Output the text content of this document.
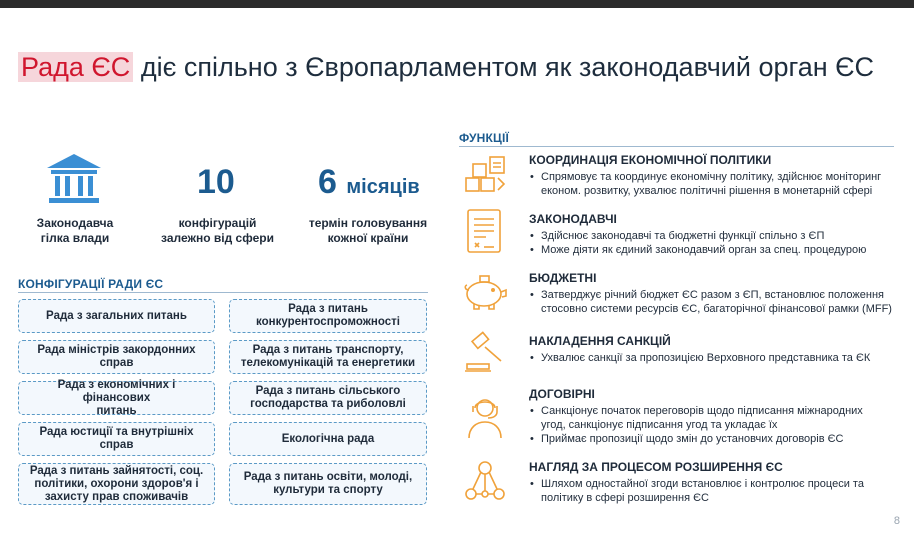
Рада ЄС діє спільно з Європарламентом як законодавчий орган ЄС
Законодавча
гілка влади
10
конфігурацій
залежно від сфери
6 місяців
термін головування
кожної країни
КОНФІГУРАЦІЇ РАДИ ЄС
Рада з загальних питань
Рада міністрів закордонних
справ
Рада з економічних і фінансових
питань
Рада юстиції та внутрішніх
справ
Рада з питань зайнятості, соц.
політики, охорони здоров'я і
захисту прав споживачів
Рада з питань
конкурентоспроможності
Рада з питань транспорту,
телекомунікацій та енергетики
Рада з питань сільського
господарства та риболовлі
Екологічна рада
Рада з питань освіти, молоді,
культури та спорту
ФУНКЦІЇ
КООРДИНАЦІЯ ЕКОНОМІЧНОЇ ПОЛІТИКИ
• Спрямовує та координує економічну політику, здійснює моніторинг
економ. розвитку, ухвалює політичні рішення в монетарній сфері
ЗАКОНОДАВЧІ
• Здійснює законодавчі та бюджетні функції спільно з ЄП
• Може діяти як єдиний законодавчий орган за спец. процедурою
БЮДЖЕТНІ
• Затверджує річний бюджет ЄС разом з ЄП, встановлює положення
стосовно системи ресурсів ЄС, багаторічної фінансової рамки (MFF)
НАКЛАДЕННЯ САНКЦІЙ
• Ухвалює санкції за пропозицією Верховного представника та ЄК
ДОГОВІРНІ
• Санкціонує початок переговорів щодо підписання міжнародних
угод, санкціонує підписання угод та укладає їх
• Приймає пропозиції щодо змін до установчих договорів ЄС
НАГЛЯД ЗА ПРОЦЕСОМ РОЗШИРЕННЯ ЄС
• Шляхом одностайної згоди встановлює і контролює процеси та
політику в сфері розширення ЄС
8
